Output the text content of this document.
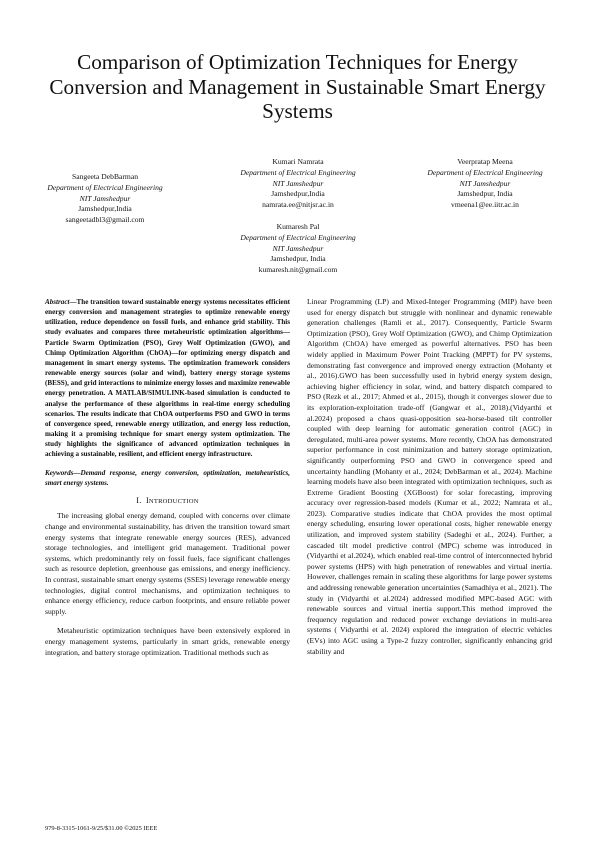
Comparison of Optimization Techniques for Energy Conversion and Management in Sustainable Smart Energy Systems
Sangeeta DebBarman
Department of Electrical Engineering
NIT Jamshedpur
Jamshedpur,India
sangeetadbl3@gmail.com
Kumari Namrata
Department of Electrical Engineering
NIT Jamshedpur
Jamshedpur,India
namrata.ee@nitjsr.ac.in
Veerpratap Meena
Department of Electrical Engineering
NIT Jamshedpur
Jamshedpur, India
vmeena1@ee.iitr.ac.in
Kumaresh Pal
Department of Electrical Engineering
NIT Jamshedpur
Jamshedpur, India
kumaresh.nit@gmail.com

Abstract—The transition toward sustainable energy systems necessitates efficient energy conversion and management strategies to optimize renewable energy utilization, reduce dependence on fossil fuels, and enhance grid stability. This study evaluates and compares three metaheuristic optimization algorithms—Particle Swarm Optimization (PSO), Grey Wolf Optimization (GWO), and Chimp Optimization Algorithm (ChOA)—for optimizing energy dispatch and management in smart energy systems. The optimization framework considers renewable energy sources (solar and wind), battery energy storage systems (BESS), and grid interactions to minimize energy losses and maximize renewable energy penetration. A MATLAB/SIMULINK-based simulation is conducted to analyse the performance of these algorithms in real-time energy scheduling scenarios. The results indicate that ChOA outperforms PSO and GWO in terms of convergence speed, renewable energy utilization, and energy loss reduction, making it a promising technique for smart energy system optimization. The study highlights the significance of advanced optimization techniques in achieving a sustainable, resilient, and efficient energy infrastructure.

Keywords—Demand response, energy conversion, optimization, metaheuristics, smart energy systems.

I. INTRODUCTION

The increasing global energy demand, coupled with concerns over climate change and environmental sustainability, has driven the transition toward smart energy systems that integrate renewable energy sources (RES), advanced storage technologies, and intelligent grid management. Traditional power systems, which predominantly rely on fossil fuels, face significant challenges such as resource depletion, greenhouse gas emissions, and energy inefficiency. In contrast, sustainable smart energy systems (SSES) leverage renewable energy technologies, digital control mechanisms, and optimization techniques to enhance energy efficiency, reduce carbon footprints, and ensure reliable power supply.

Metaheuristic optimization techniques have been extensively explored in energy management systems, particularly in smart grids, renewable energy integration, and battery storage optimization. Traditional methods such as

Linear Programming (LP) and Mixed-Integer Programming (MIP) have been used for energy dispatch but struggle with nonlinear and dynamic renewable generation challenges (Ramli et al., 2017). Consequently, Particle Swarm Optimization (PSO), Grey Wolf Optimization (GWO), and Chimp Optimization Algorithm (ChOA) have emerged as powerful alternatives. PSO has been widely applied in Maximum Power Point Tracking (MPPT) for PV systems, demonstrating fast convergence and improved energy extraction (Mohanty et al., 2016).GWO has been successfully used in hybrid energy system design, achieving higher efficiency in solar, wind, and battery dispatch compared to PSO (Rezk et al., 2017; Ahmed et al., 2015), though it converges slower due to its exploration-exploitation trade-off (Gangwar et al., 2018).(Vidyarthi et al.2024) proposed a chaos quasi-opposition sea-horse-based tilt controller coupled with deep learning for automatic generation control (AGC) in deregulated, multi-area power systems. More recently, ChOA has demonstrated superior performance in cost minimization and battery storage optimization, significantly outperforming PSO and GWO in convergence speed and uncertainty handling (Mohanty et al., 2024; DebBarman et al., 2024). Machine learning models have also been integrated with optimization techniques, such as Extreme Gradient Boosting (XGBoost) for solar forecasting, improving accuracy over regression-based models (Kumar et al., 2022; Namrata et al., 2023). Comparative studies indicate that ChOA provides the most optimal energy scheduling, ensuring lower operational costs, higher renewable energy utilization, and improved system stability (Sadeghi et al., 2024). Further, a cascaded tilt model predictive control (MPC) scheme was introduced in (Vidyarthi et al.2024), which enabled real-time control of interconnected hybrid power systems (HPS) with high penetration of renewables and virtual inertia. However, challenges remain in scaling these algorithms for large power systems and addressing renewable generation uncertainties (Samadhiya et al., 2021). The study in (Vidyarthi et al.2024) addressed modified MPC-based AGC with renewable sources and virtual inertia support.This method improved the frequency regulation and reduced power exchange deviations in multi-area systems ( Vidyarthi et al. 2024) explored the integration of electric vehicles (EVs) into AGC using a Type-2 fuzzy controller, significantly enhancing grid stability and

979-8-3315-1061-9/25/$31.00 ©2025 IEEE
